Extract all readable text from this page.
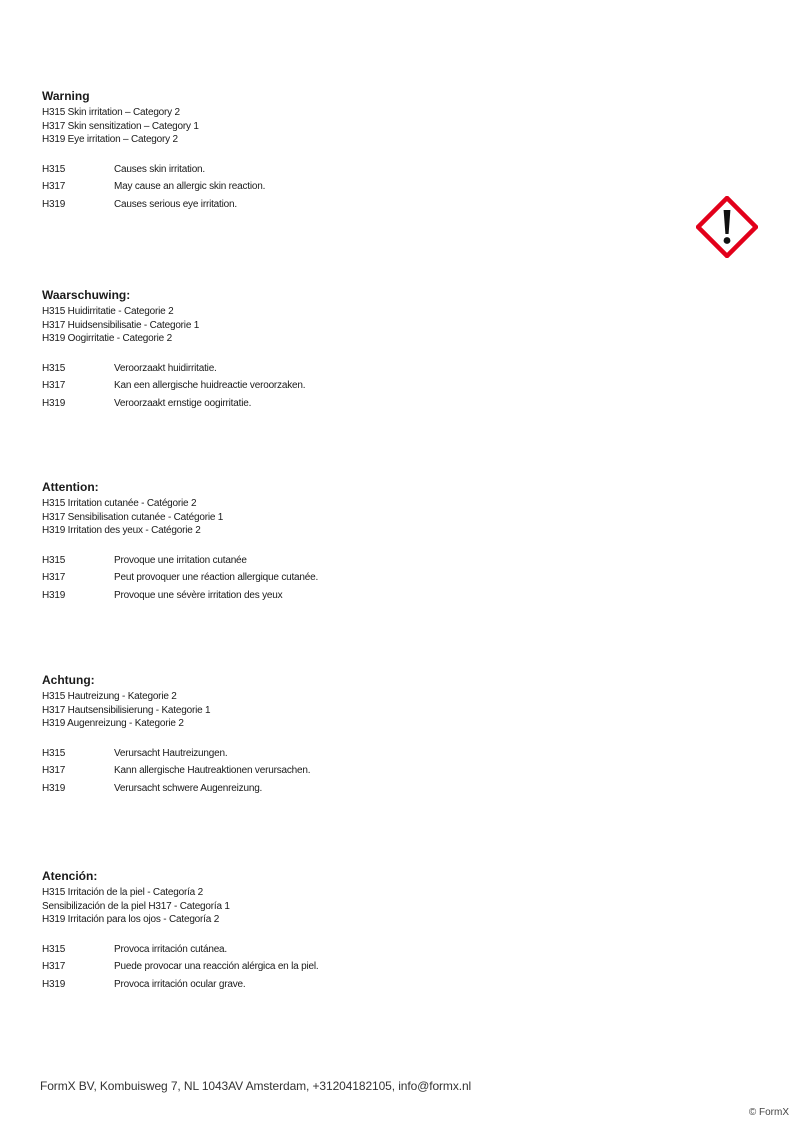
Warning
H315 Skin irritation – Category 2
H317 Skin sensitization – Category 1
H319 Eye irritation – Category 2
H315	Causes skin irritation.
H317	May cause an allergic skin reaction.
H319	Causes serious eye irritation.
Waarschuwing:
H315 Huidirritatie - Categorie 2
H317 Huidsensibilisatie - Categorie 1
H319 Oogirritatie - Categorie 2
H315	Veroorzaakt huidirritatie.
H317	Kan een allergische huidreactie veroorzaken.
H319	Veroorzaakt ernstige oogirritatie.
Attention:
H315 Irritation cutanée - Catégorie 2
H317 Sensibilisation cutanée - Catégorie 1
H319 Irritation des yeux - Catégorie 2
H315	Provoque une irritation cutanée
H317	Peut provoquer une réaction allergique cutanée.
H319	Provoque une sévère irritation des yeux
Achtung:
H315 Hautreizung - Kategorie 2
H317 Hautsensibilisierung - Kategorie 1
H319 Augenreizung - Kategorie 2
H315	Verursacht Hautreizungen.
H317	Kann allergische Hautreaktionen verursachen.
H319	Verursacht schwere Augenreizung.
Atención:
H315 Irritación de la piel - Categoría 2
Sensibilización de la piel H317 - Categoría 1
H319 Irritación para los ojos - Categoría 2
H315	Provoca irritación cutánea.
H317	Puede provocar una reacción alérgica en la piel.
H319	Provoca irritación ocular grave.
FormX BV, Kombuisweg 7, NL 1043AV Amsterdam, +31204182105, info@formx.nl
© FormX
